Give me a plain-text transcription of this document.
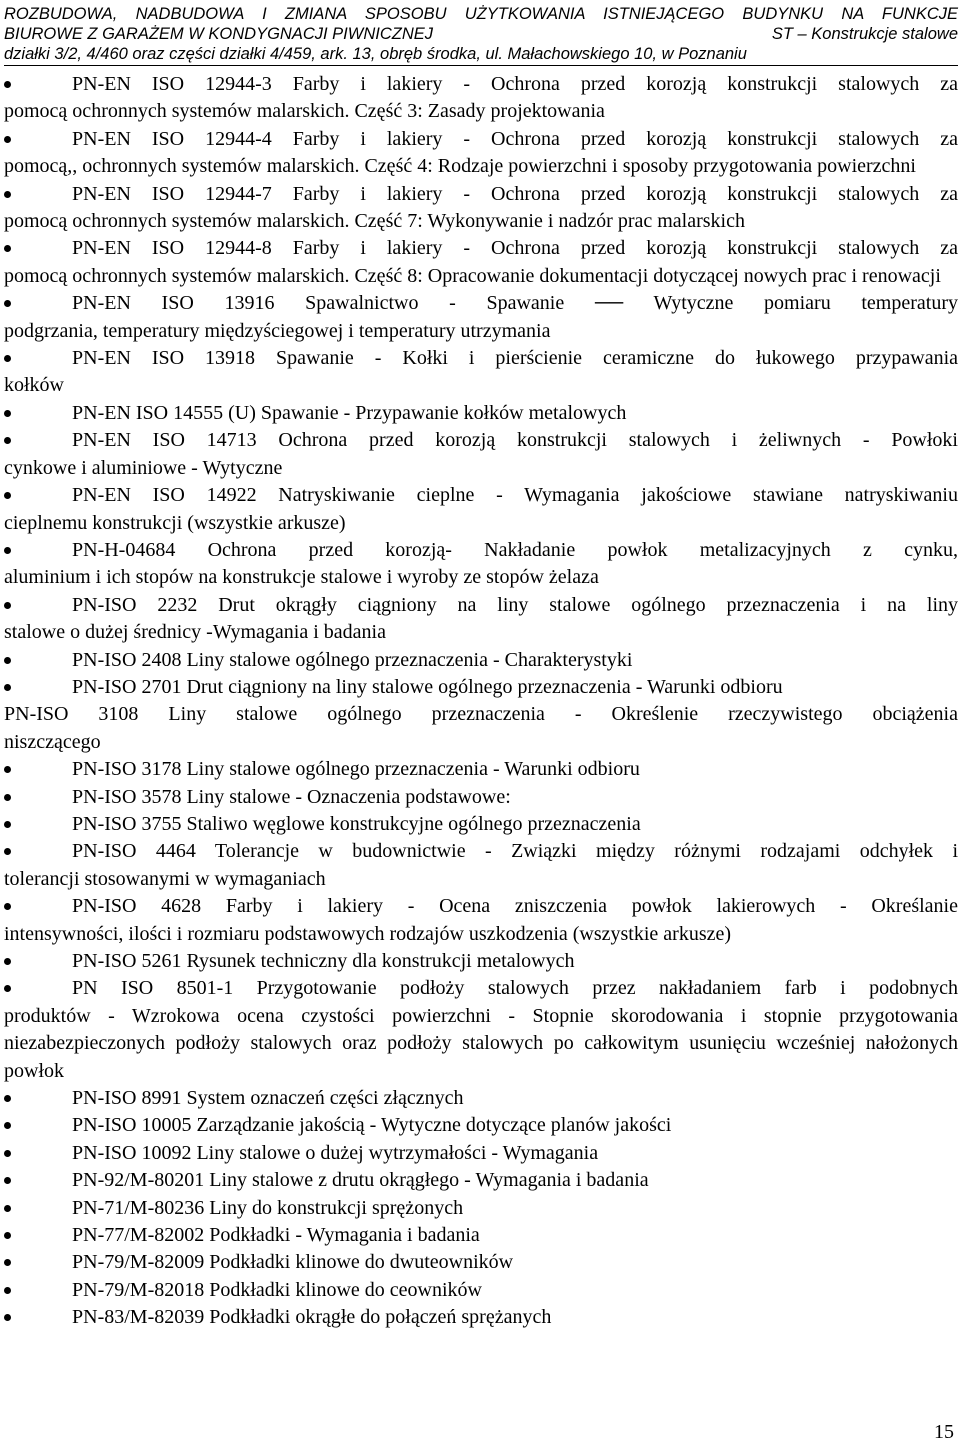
ROZBUDOWA, NADBUDOWA I ZMIANA SPOSOBU UŻYTKOWANIA ISTNIEJĄCEGO BUDYNKU NA FUNKCJE
BIUROWE Z GARAŻEM W KONDYGNACJI PIWNICZNEJ	ST – Konstrukcje stalowe
działki 3/2, 4/460 oraz części działki 4/459, ark. 13, obręb środka, ul. Małachowskiego 10, w Poznaniu
PN-EN ISO 12944-3 Farby i lakiery - Ochrona przed korozją konstrukcji stalowych za
pomocą ochronnych systemów malarskich. Część 3: Zasady projektowania
PN-EN ISO 12944-4 Farby i lakiery - Ochrona przed korozją konstrukcji stalowych za
pomocą,, ochronnych systemów malarskich. Część 4: Rodzaje powierzchni i sposoby przygotowania powierzchni
PN-EN ISO 12944-7 Farby i lakiery - Ochrona przed korozją konstrukcji stalowych za
pomocą ochronnych systemów malarskich. Część 7: Wykonywanie i nadzór prac malarskich
PN-EN ISO 12944-8 Farby i lakiery - Ochrona przed korozją konstrukcji stalowych za
pomocą ochronnych systemów malarskich. Część 8: Opracowanie dokumentacji dotyczącej nowych prac i renowacji
PN-EN ISO 13916 Spawalnictwo - Spawanie ── Wytyczne pomiaru temperatury
podgrzania, temperatury międzyściegowej i temperatury utrzymania
PN-EN ISO 13918 Spawanie - Kołki i pierścienie ceramiczne do łukowego przypawania
kołków
PN-EN ISO 14555 (U) Spawanie - Przypawanie kołków metalowych
PN-EN ISO 14713 Ochrona przed korozją konstrukcji stalowych i żeliwnych - Powłoki
cynkowe i aluminiowe - Wytyczne
PN-EN ISO 14922 Natryskiwanie cieplne - Wymagania jakościowe stawiane natryskiwaniu
cieplnemu konstrukcji (wszystkie arkusze)
PN-H-04684 Ochrona przed korozją- Nakładanie powłok metalizacyjnych z cynku,
aluminium i ich stopów na konstrukcje stalowe i wyroby ze stopów żelaza
PN-ISO 2232 Drut okrągły ciągniony na liny stalowe ogólnego przeznaczenia i na liny
stalowe o dużej średnicy -Wymagania i badania
PN-ISO 2408 Liny stalowe ogólnego przeznaczenia - Charakterystyki
PN-ISO 2701 Drut ciągniony na liny stalowe ogólnego przeznaczenia - Warunki odbioru
PN-ISO 3108 Liny stalowe ogólnego przeznaczenia - Określenie rzeczywistego obciążenia
niszczącego
PN-ISO 3178 Liny stalowe ogólnego przeznaczenia - Warunki odbioru
PN-ISO 3578 Liny stalowe - Oznaczenia podstawowe:
PN-ISO 3755 Staliwo węglowe konstrukcyjne ogólnego przeznaczenia
PN-ISO 4464 Tolerancje w budownictwie - Związki między różnymi rodzajami odchyłek i
tolerancji stosowanymi w wymaganiach
PN-ISO 4628 Farby i lakiery - Ocena zniszczenia powłok lakierowych - Określanie
intensywności, ilości i rozmiaru podstawowych rodzajów uszkodzenia (wszystkie arkusze)
PN-ISO 5261 Rysunek techniczny dla konstrukcji metalowych
PN ISO 8501-1 Przygotowanie podłoży stalowych przez nakładaniem farb i podobnych
produktów - Wzrokowa ocena czystości powierzchni - Stopnie skorodowania i stopnie przygotowania niezabezpieczonych podłoży stalowych oraz podłoży stalowych po całkowitym usunięciu wcześniej nałożonych powłok
PN-ISO 8991 System oznaczeń części złącznych
PN-ISO 10005 Zarządzanie jakością - Wytyczne dotyczące planów jakości
PN-ISO 10092 Liny stalowe o dużej wytrzymałości - Wymagania
PN-92/M-80201 Liny stalowe z drutu okrągłego - Wymagania i badania
PN-71/M-80236 Liny do konstrukcji sprężonych
PN-77/M-82002 Podkładki - Wymagania i badania
PN-79/M-82009 Podkładki klinowe do dwuteowników
PN-79/M-82018 Podkładki klinowe do ceowników
PN-83/M-82039 Podkładki okrągłe do połączeń sprężanych
15
